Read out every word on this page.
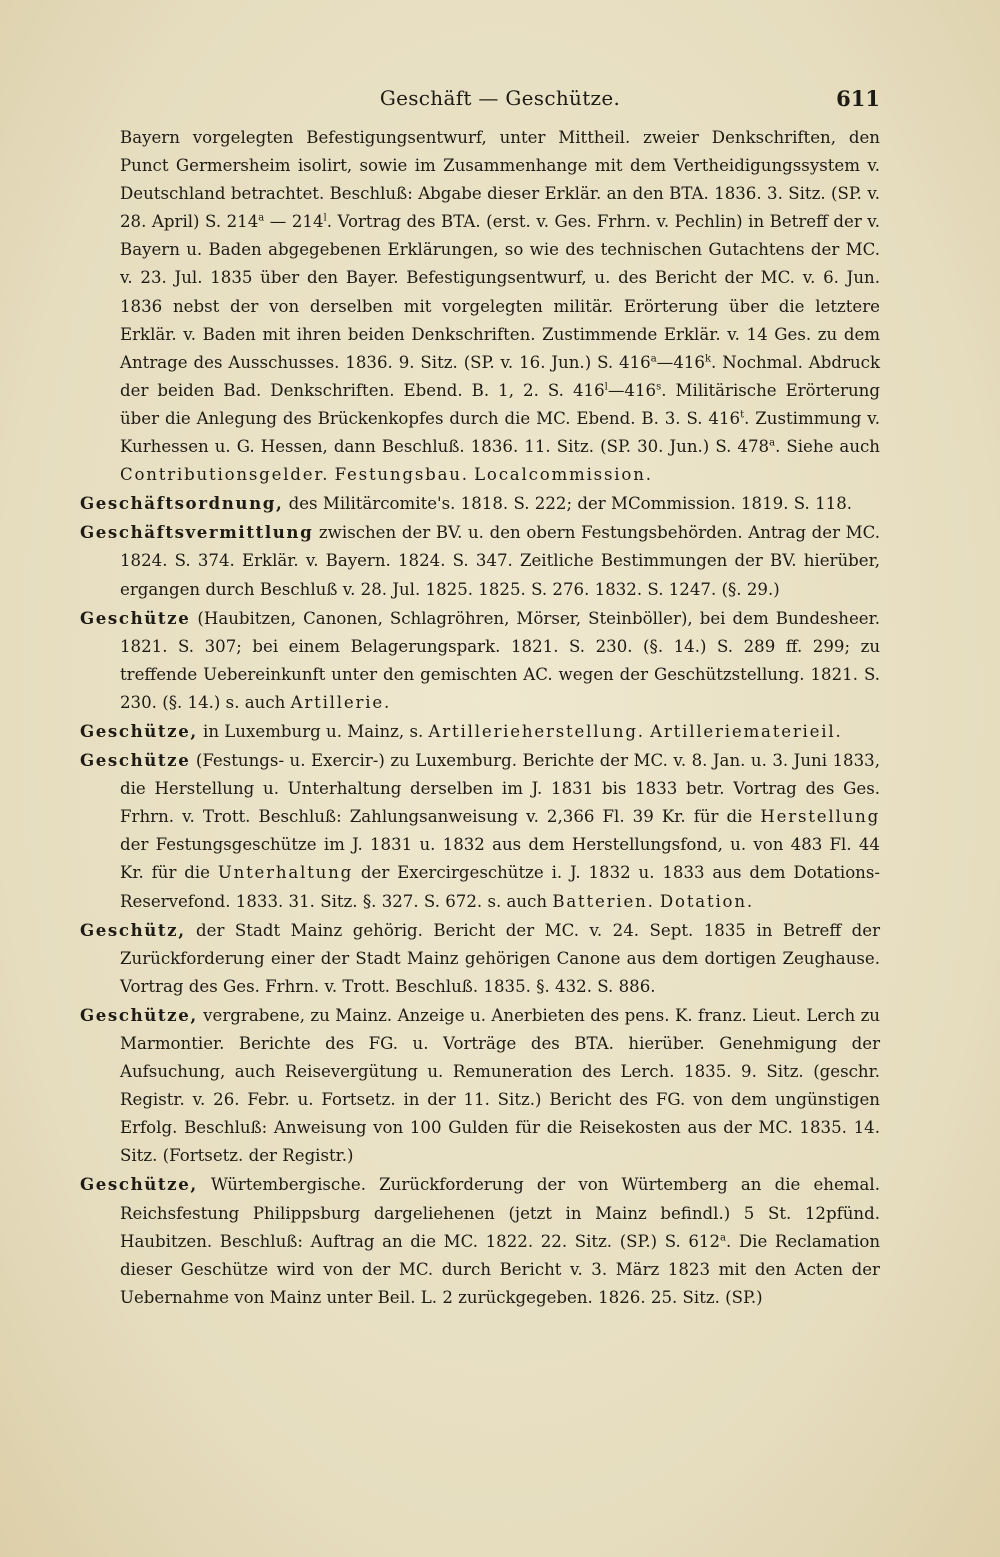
Geschäft — Geschütze.	611

Bayern vorgelegten Befestigungsentwurf, unter Mittheil. zweier Denkschriften, den Punct Germersheim isolirt, sowie im Zusammenhange mit dem Vertheidigungssystem v. Deutschland betrachtet. Beschluß: Abgabe dieser Erklär. an den BTA. 1836. 3. Sitz. (SP. v. 28. April) S. 214$^a$ — 214$^l$. Vortrag des BTA. (erst. v. Ges. Frhrn. v. Pechlin) in Betreff der v. Bayern u. Baden abgegebenen Erklärungen, so wie des technischen Gutachtens der MC. v. 23. Jul. 1835 über den Bayer. Befestigungsentwurf, u. des Bericht der MC. v. 6. Jun. 1836 nebst der von derselben mit vorgelegten militär. Erörterung über die letztere Erklär. v. Baden mit ihren beiden Denkschriften. Zustimmende Erklär. v. 14 Ges. zu dem Antrage des Ausschusses. 1836. 9. Sitz. (SP. v. 16. Jun.) S. 416$^a$—416$^k$. Nochmal. Abdruck der beiden Bad. Denkschriften. Ebend. B. 1, 2. S. 416$^l$—416$^s$. Militärische Erörterung über die Anlegung des Brückenkopfes durch die MC. Ebend. B. 3. S. 416$^t$. Zustimmung v. Kurhessen u. G. Hessen, dann Beschluß. 1836. 11. Sitz. (SP. 30. Jun.) S. 478$^a$. Siehe auch Contributionsgelder. Festungsbau. Localcommission.

Geschäftsordnung, des Militärcomite's. 1818. S. 222; der MCommission. 1819. S. 118.

Geschäftsvermittlung zwischen der BV. u. den obern Festungsbehörden. Antrag der MC. 1824. S. 374. Erklär. v. Bayern. 1824. S. 347. Zeitliche Bestimmungen der BV. hierüber, ergangen durch Beschluß v. 28. Jul. 1825. 1825. S. 276. 1832. S. 1247. (§. 29.)

Geschütze (Haubitzen, Canonen, Schlagröhren, Mörser, Steinböller), bei dem Bundesheer. 1821. S. 307; bei einem Belagerungspark. 1821. S. 230. (§. 14.) S. 289 ff. 299; zu treffende Uebereinkunft unter den gemischten AC. wegen der Geschützstellung. 1821. S. 230. (§. 14.) s. auch Artillerie.

Geschütze, in Luxemburg u. Mainz, s. Artillerieherstellung. Artilleriematerieil.

Geschütze (Festungs- u. Exercir-) zu Luxemburg. Berichte der MC. v. 8. Jan. u. 3. Juni 1833, die Herstellung u. Unterhaltung derselben im J. 1831 bis 1833 betr. Vortrag des Ges. Frhrn. v. Trott. Beschluß: Zahlungsanweisung v. 2,366 Fl. 39 Kr. für die Herstellung der Festungsgeschütze im J. 1831 u. 1832 aus dem Herstellungsfond, u. von 483 Fl. 44 Kr. für die Unterhaltung der Exercirgeschütze i. J. 1832 u. 1833 aus dem Dotations-Reservefond. 1833. 31. Sitz. §. 327. S. 672. s. auch Batterien. Dotation.

Geschütz, der Stadt Mainz gehörig. Bericht der MC. v. 24. Sept. 1835 in Betreff der Zurückforderung einer der Stadt Mainz gehörigen Canone aus dem dortigen Zeughause. Vortrag des Ges. Frhrn. v. Trott. Beschluß. 1835. §. 432. S. 886.

Geschütze, vergrabene, zu Mainz. Anzeige u. Anerbieten des pens. K. franz. Lieut. Lerch zu Marmontier. Berichte des FG. u. Vorträge des BTA. hierüber. Genehmigung der Aufsuchung, auch Reisevergütung u. Remuneration des Lerch. 1835. 9. Sitz. (geschr. Registr. v. 26. Febr. u. Fortsetz. in der 11. Sitz.) Bericht des FG. von dem ungünstigen Erfolg. Beschluß: Anweisung von 100 Gulden für die Reisekosten aus der MC. 1835. 14. Sitz. (Fortsetz. der Registr.)

Geschütze, Würtembergische. Zurückforderung der von Würtemberg an die ehemal. Reichsfestung Philippsburg dargeliehenen (jetzt in Mainz befindl.) 5 St. 12pfünd. Haubitzen. Beschluß: Auftrag an die MC. 1822. 22. Sitz. (SP.) S. 612$^a$. Die Reclamation dieser Geschütze wird von der MC. durch Bericht v. 3. März 1823 mit den Acten der Uebernahme von Mainz unter Beil. L. 2 zurückgegeben. 1826. 25. Sitz. (SP.)
